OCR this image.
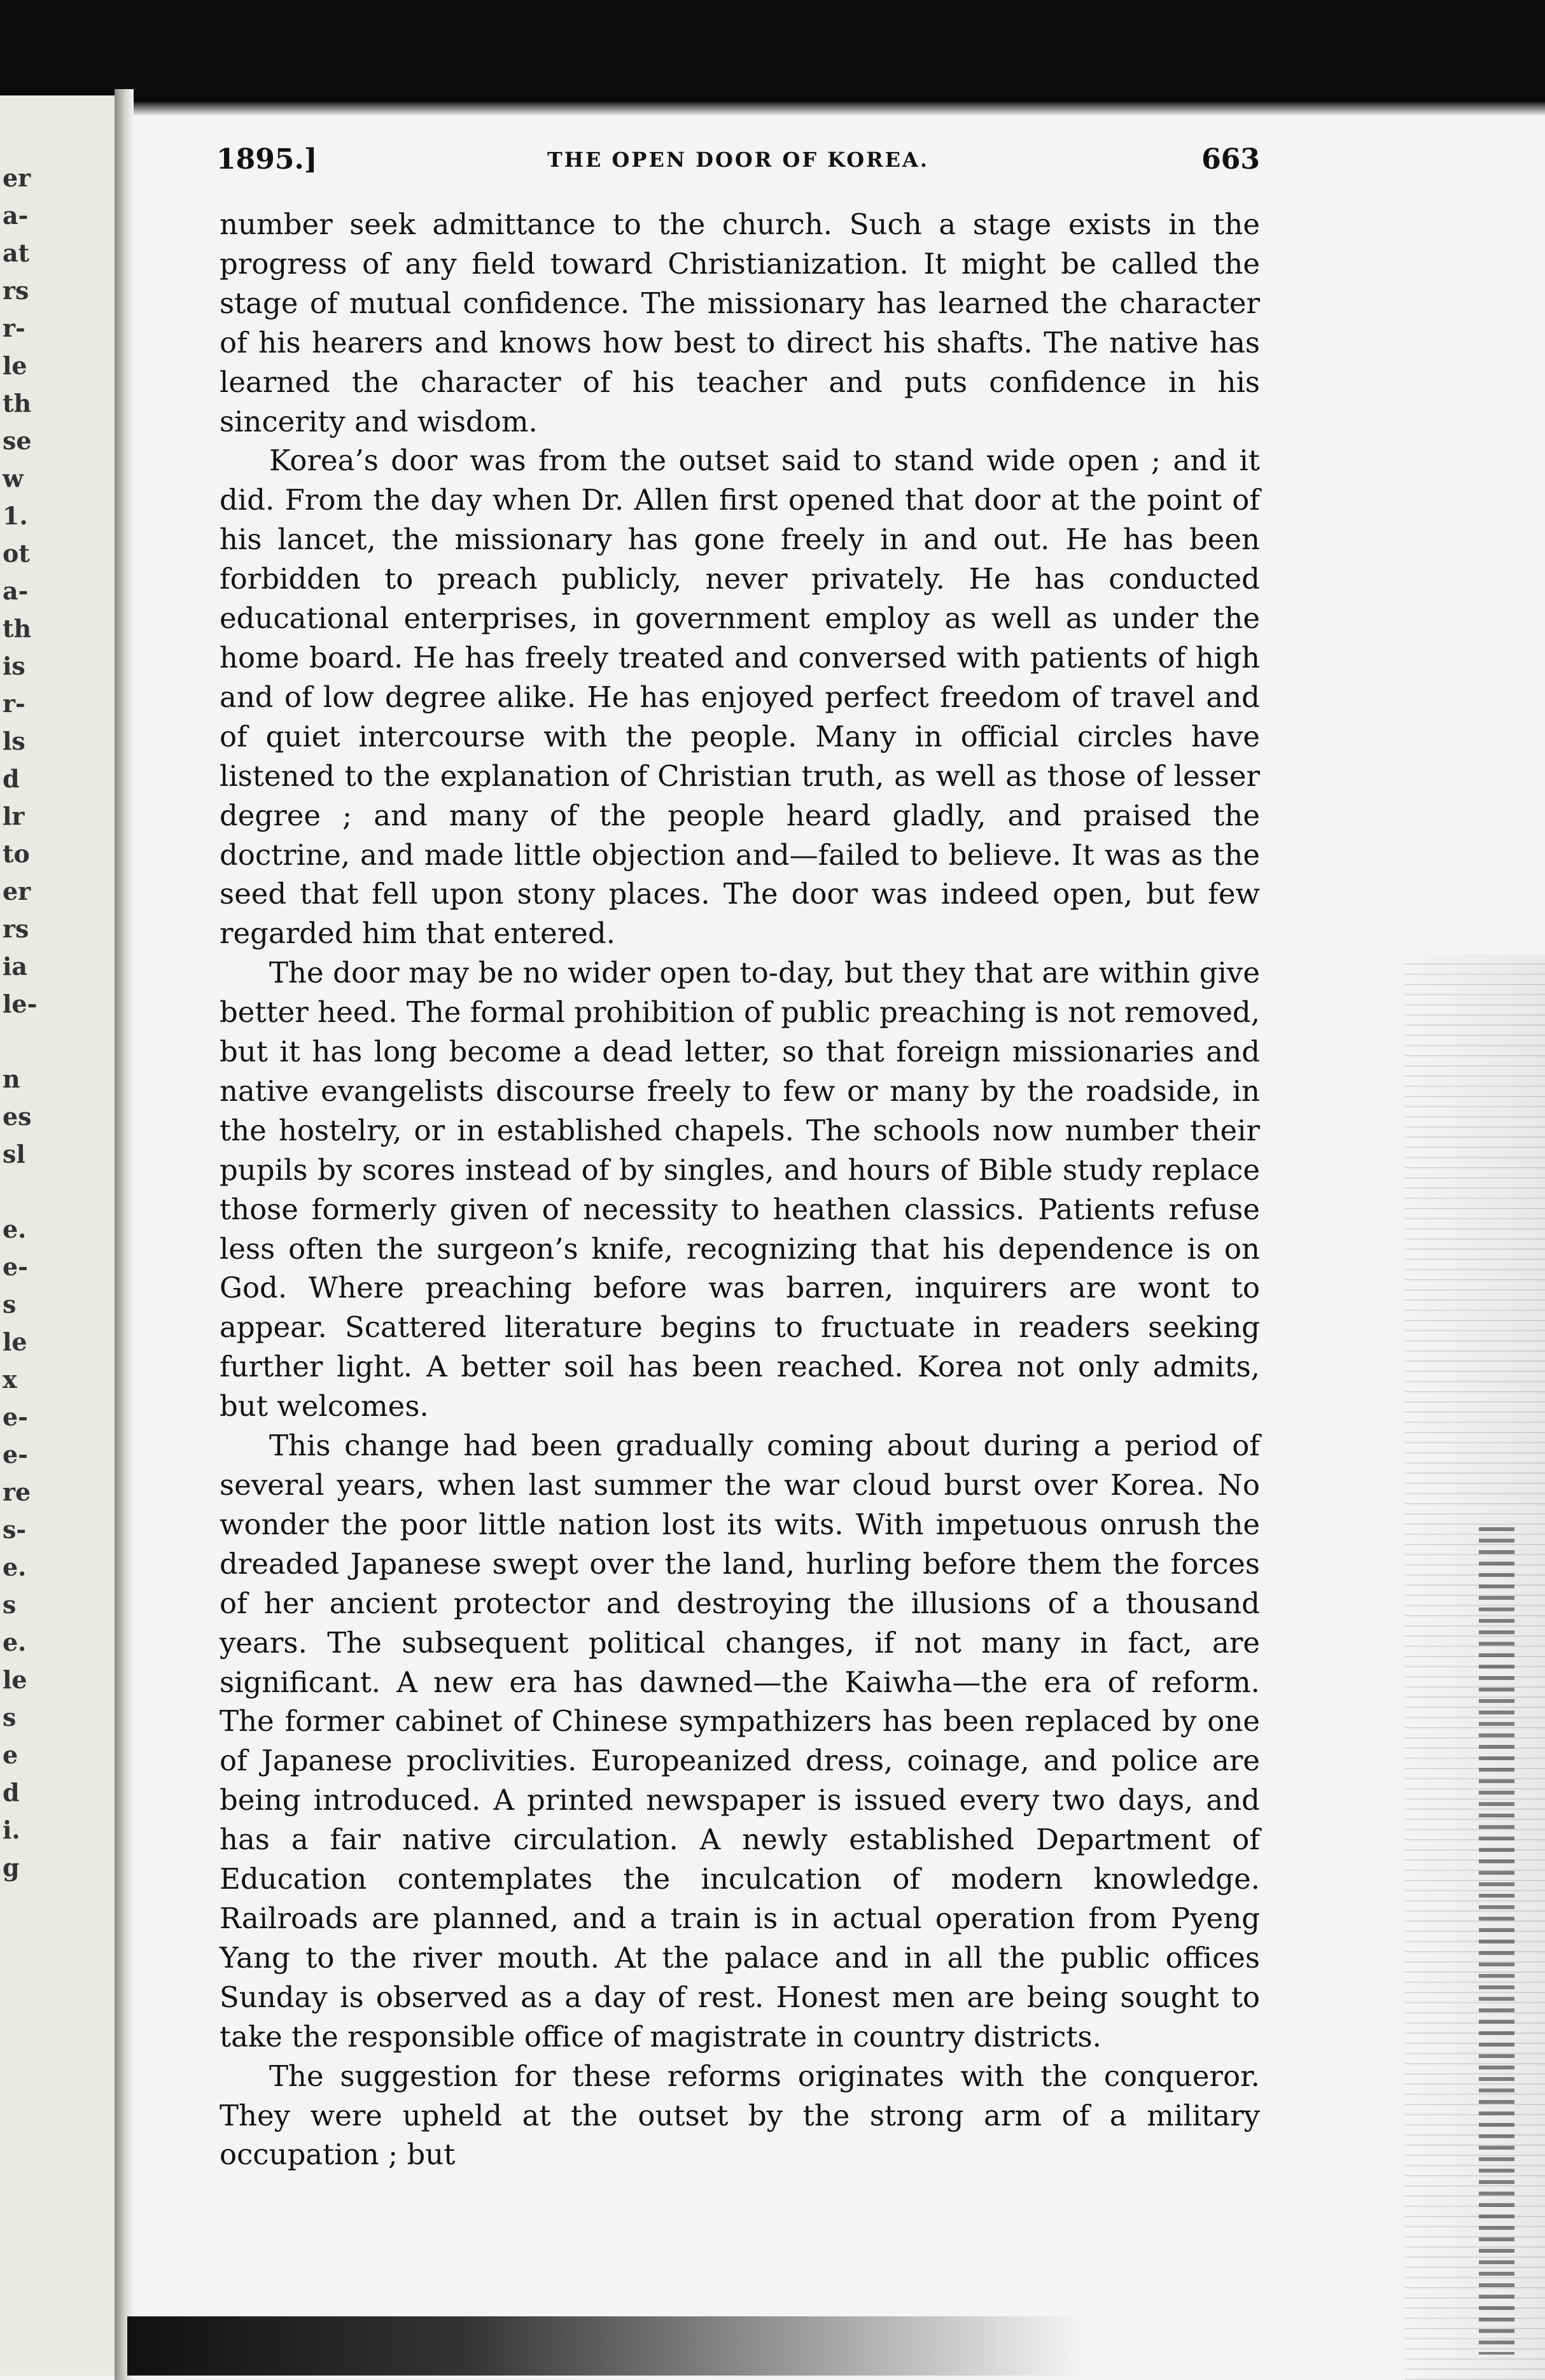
er
a-
at
rs
r-
le
th
se
w
1.
ot
a-
th
is
r-
ls
d
lr
to
er
rs
ia
le-
n
es
sl
e.
e-
s
le
x
e-
e-
re
s-
e.
s
e.
le
s
e
d
i.
g
1895.]	THE OPEN DOOR OF KOREA.	663

number seek admittance to the church. Such a stage exists in the progress of any field toward Christianization. It might be called the stage of mutual confidence. The missionary has learned the character of his hearers and knows how best to direct his shafts. The native has learned the character of his teacher and puts confidence in his sincerity and wisdom.

Korea’s door was from the outset said to stand wide open ; and it did. From the day when Dr. Allen first opened that door at the point of his lancet, the missionary has gone freely in and out. He has been forbidden to preach publicly, never privately. He has conducted educational enterprises, in government employ as well as under the home board. He has freely treated and conversed with patients of high and of low degree alike. He has enjoyed perfect freedom of travel and of quiet intercourse with the people. Many in official circles have listened to the explanation of Christian truth, as well as those of lesser degree ; and many of the people heard gladly, and praised the doctrine, and made little objection and—failed to believe. It was as the seed that fell upon stony places. The door was indeed open, but few regarded him that entered.

The door may be no wider open to-day, but they that are within give better heed. The formal prohibition of public preaching is not removed, but it has long become a dead letter, so that foreign missionaries and native evangelists discourse freely to few or many by the roadside, in the hostelry, or in established chapels. The schools now number their pupils by scores instead of by singles, and hours of Bible study replace those formerly given of necessity to heathen classics. Patients refuse less often the surgeon’s knife, recognizing that his dependence is on God. Where preaching before was barren, inquirers are wont to appear. Scattered literature begins to fructuate in readers seeking further light. A better soil has been reached. Korea not only admits, but welcomes.

This change had been gradually coming about during a period of several years, when last summer the war cloud burst over Korea. No wonder the poor little nation lost its wits. With impetuous onrush the dreaded Japanese swept over the land, hurling before them the forces of her ancient protector and destroying the illusions of a thousand years. The subsequent political changes, if not many in fact, are significant. A new era has dawned—the Kaiwha—the era of reform. The former cabinet of Chinese sympathizers has been replaced by one of Japanese proclivities. Europeanized dress, coinage, and police are being introduced. A printed newspaper is issued every two days, and has a fair native circulation. A newly established Department of Education contemplates the inculcation of modern knowledge. Railroads are planned, and a train is in actual operation from Pyeng Yang to the river mouth. At the palace and in all the public offices Sunday is observed as a day of rest. Honest men are being sought to take the responsible office of magistrate in country districts.

The suggestion for these reforms originates with the conqueror. They were upheld at the outset by the strong arm of a military occupation ; but
